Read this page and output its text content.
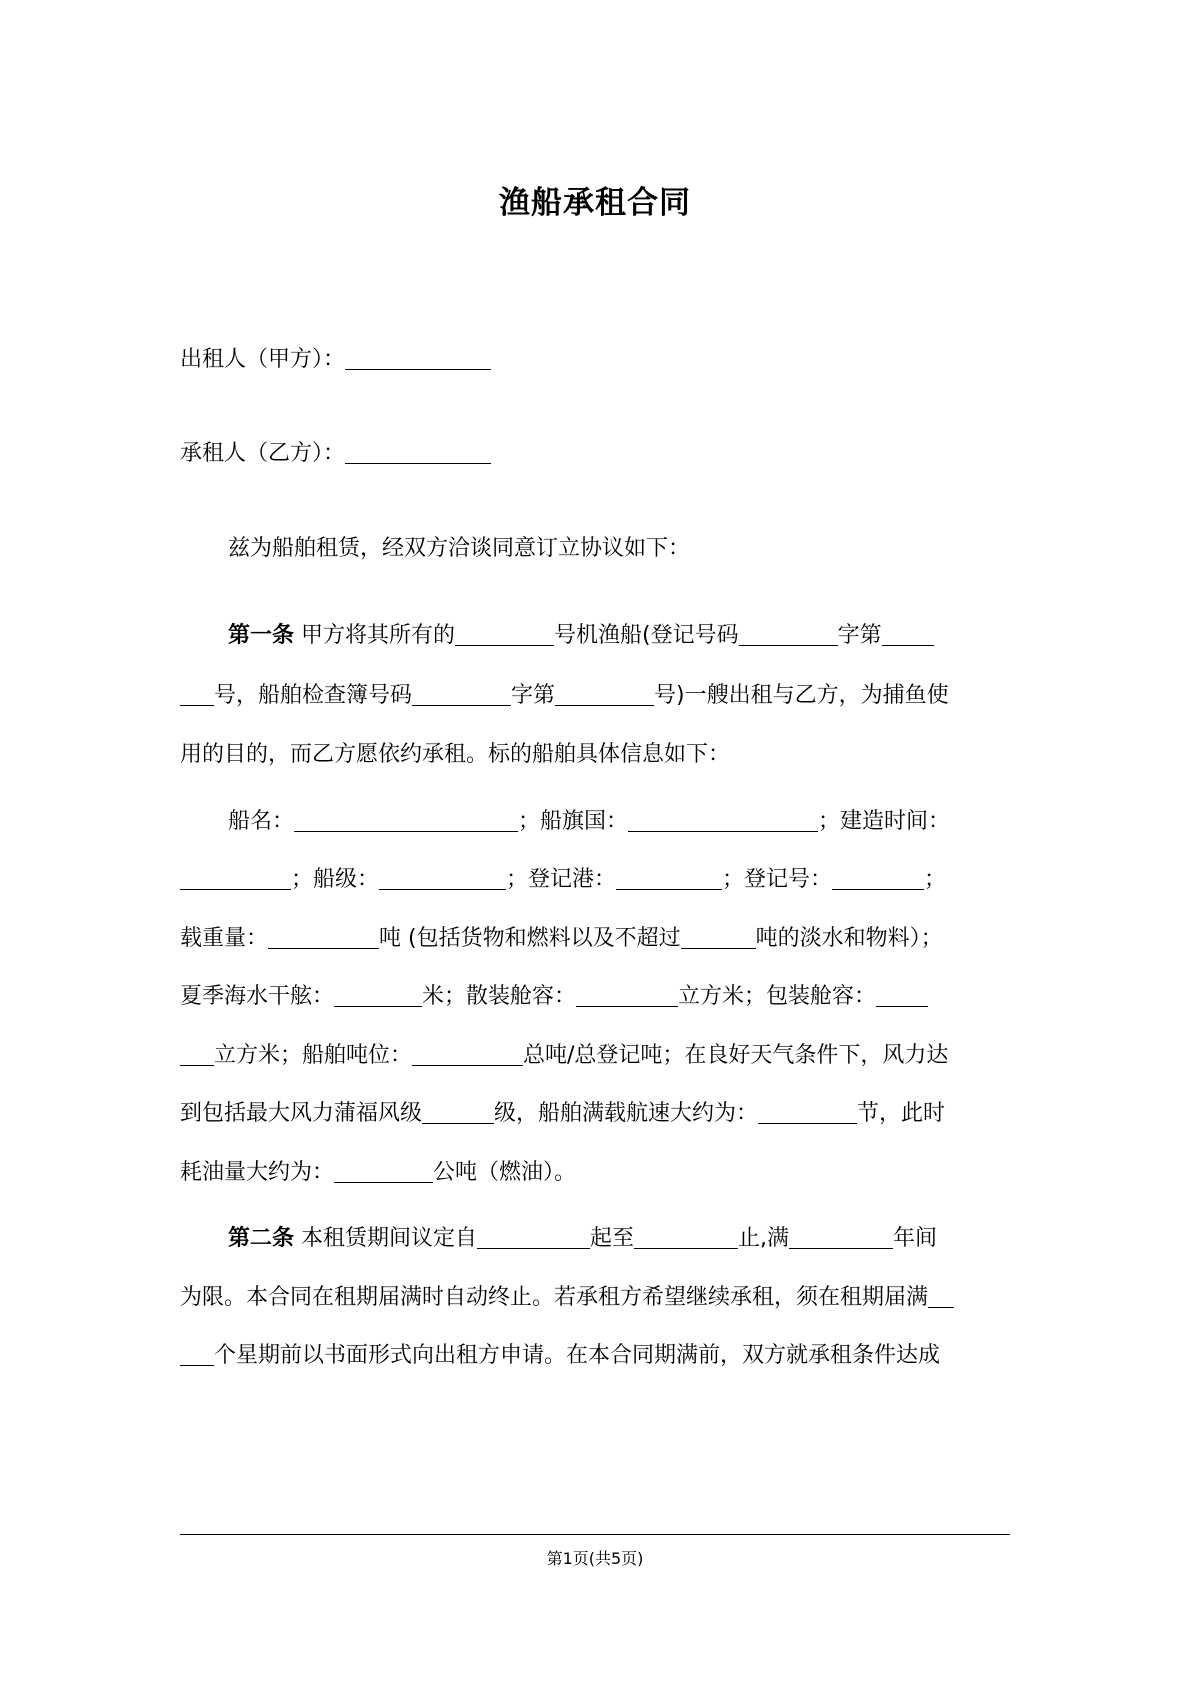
渔船承租合同
出租人（甲方）：
承租人（乙方）：
兹为船舶租赁，经双方洽谈同意订立协议如下：
第一条 甲方将其所有的	号机渔船(登记号码	字第
号，船舶检查簿号码	字第	号)一艘出租与乙方，为捕鱼使
用的目的，而乙方愿依约承租。标的船舶具体信息如下：
船名：	；船旗国：	；建造时间：
；船级：	；登记港：	；登记号：	；
载重量：	吨 (包括货物和燃料以及不超过	吨的淡水和物料）；
夏季海水干舷：	米；散装舱容：	立方米；包装舱容：
立方米；船舶吨位：	总吨/总登记吨；在良好天气条件下，风力达
到包括最大风力蒲福风级	级，船舶满载航速大约为：	节，此时
耗油量大约为：	公吨（燃油）。
第二条 本租赁期间议定自	起至	止,满	年间
为限。本合同在租期届满时自动终止。若承租方希望继续承租，须在租期届满
个星期前以书面形式向出租方申请。在本合同期满前，双方就承租条件达成
第1页(共5页)
